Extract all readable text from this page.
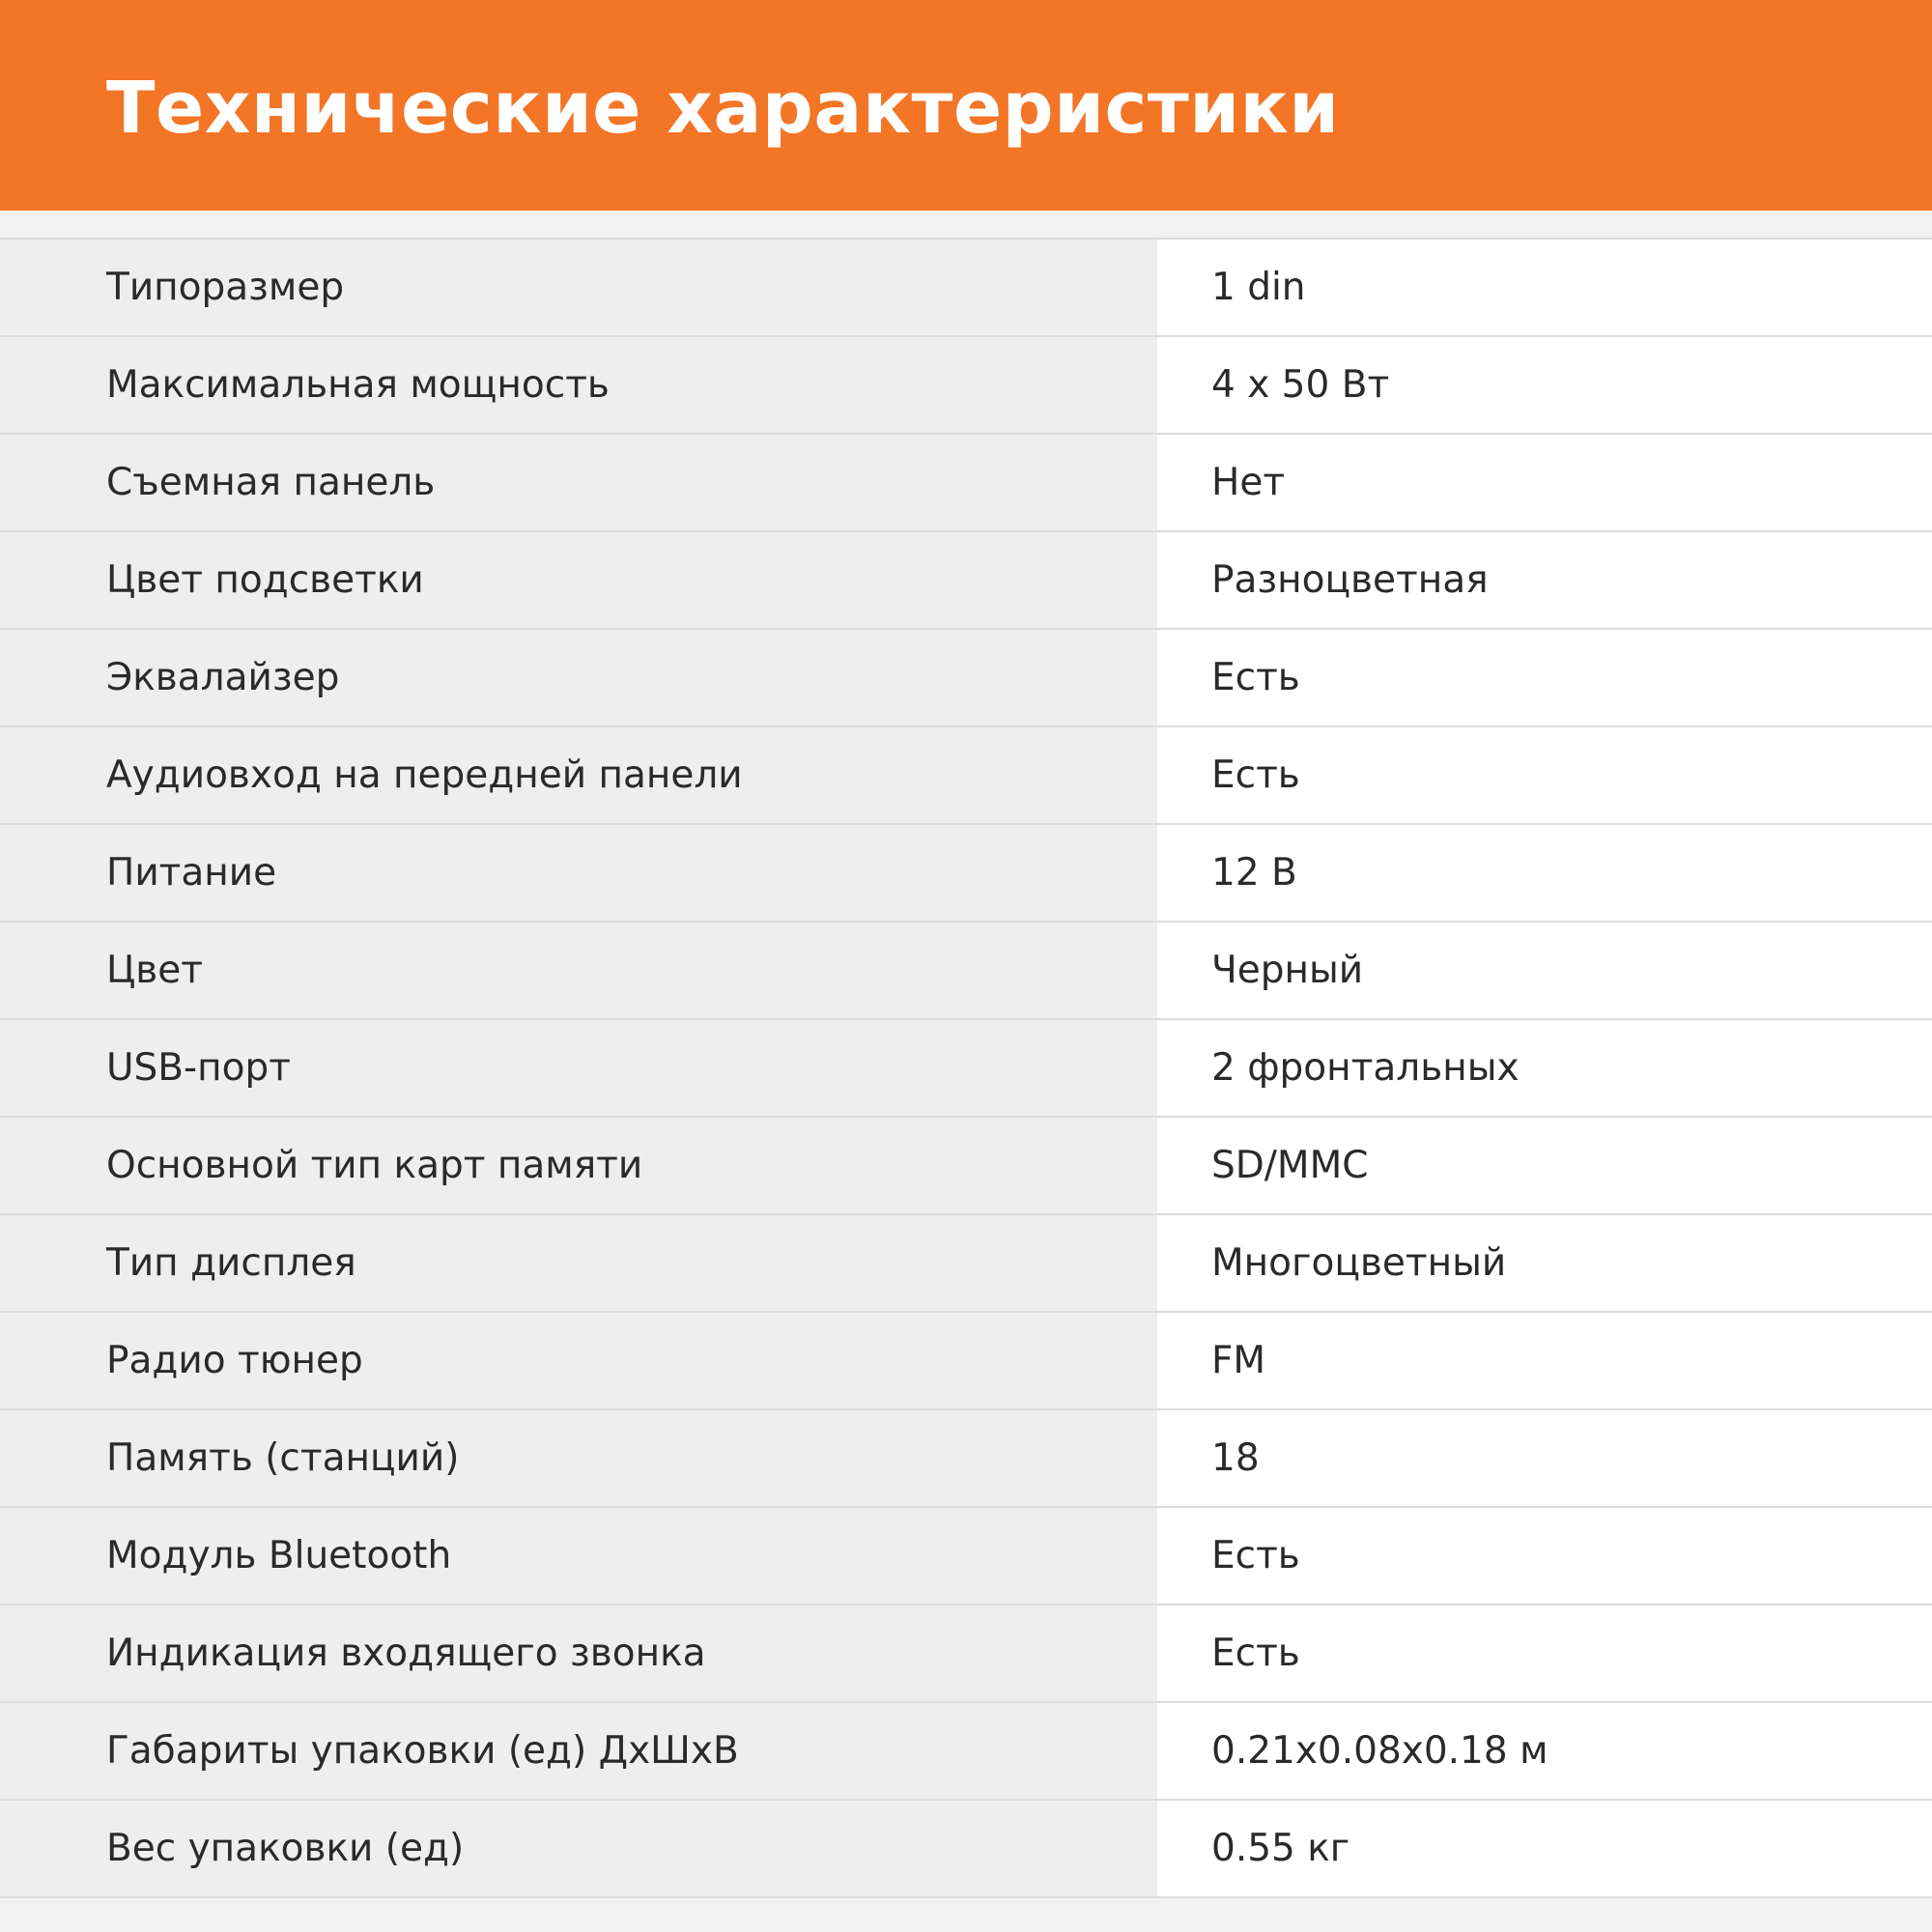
Технические характеристики
Типоразмер	1 din
Максимальная мощность	4 x 50 Вт
Съемная панель	Нет
Цвет подсветки	Разноцветная
Эквалайзер	Есть
Аудиовход на передней панели	Есть
Питание	12 В
Цвет	Черный
USB-порт	2 фронтальных
Основной тип карт памяти	SD/MMC
Тип дисплея	Многоцветный
Радио тюнер	FM
Память (станций)	18
Модуль Bluetooth	Есть
Индикация входящего звонка	Есть
Габариты упаковки (ед) ДхШхВ	0.21x0.08x0.18 м
Вес упаковки (ед)	0.55 кг
